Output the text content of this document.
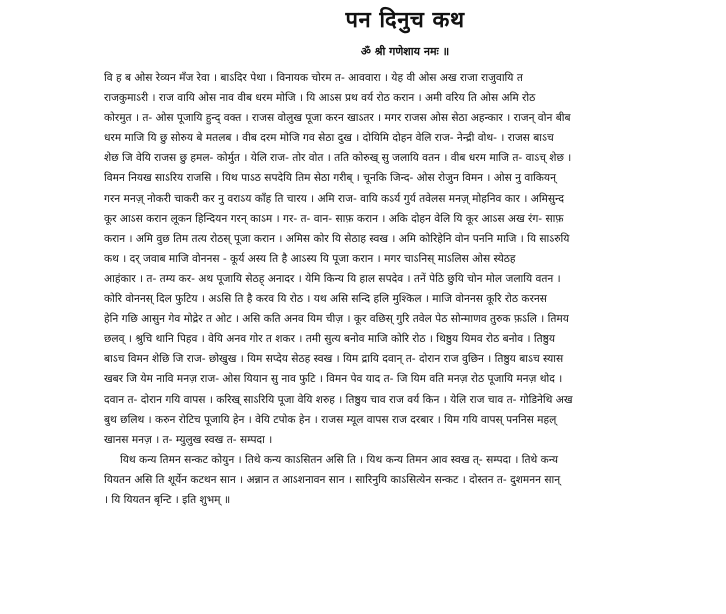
पन दिनुच कथ
ॐ श्री गणेशाय नमः ॥

वि ह ब ओस रेव्यन मँज रेवा । बाऽदिर पेथा । विनायक चोरम त- आववारा । येह वी ओस अख राजा राजुवायि त

राजकुमाऽरी । राज वायि ओस नाव वीब धरम मोजि । यि आऽस प्रथ वर्य रोठ करान । अमी वरिय ति ओस अमि रोठ

कोरमुत । त- ओस पूजायि हुन्द् वक्त । राजस वोलुख पूजा करन खाऽतर । मगर राजस ओस सेठा अहन्कार । राजन् वोन बीब

धरम माजि यि छु सोरुय बे मतलब । वीब दरम मोजि गव सेठा दुख । दोयिमि दोहन वेलि राज- नेन्द्री वोथ- । राजस बाऽच

शेछ जि वेयि राजस छु हमल- कोर्मुत । येलि राज- तोर वोत । तति कोरुख् सु जलायि वतन । वीब धरम माजि त- वाऽच् शेछ ।

विमन नियख साऽरिय राजसि । यिथ पाऽठ सपदेयि तिम सेठा गरीब् । चूनकि जिन्द- ओस रोजुन विमन । ओस नु वाकियन्

गरन मनज़् नोकरी चाकरी कर नु वराऽय काँह ति चारय । अमि राज- वायि कऽर्य गुर्य तवेलस मनज़् मोहनिव कार । अमिसुन्द

कूर आऽस करान लूकन हिन्दियन गरन् काऽम । गर- त- वान- साफ़ करान । अकि दोहन वेलि यि कूर आऽस अख रंग- साफ़

करान । अमि वुछ तिम तत्य रोठस् पूजा करान । अमिस कोर यि सेठाह स्वख । अमि कोरिहेनि वोन पननि माजि । यि साऽरुयि

कथ । दर् जवाब माजि वोननस - कूर्य अस्य ति है आऽस्य यि पूजा करान । मगर चाऽनिस् माऽलिस ओस स्येठह

आहंकार । त- तम्य कर- अथ पूजायि सेठह् अनादर । येमि किन्य यि हाल सपदेव । तनें पेठि छुयि चोन मोल जलायि वतन ।

कोरि वोननस् दिल फुटिय । अऽसि ति है करव यि रोठ । यथ असि सन्दि हलि मुश्किल । माजि वोननस कूरि रोठ करनस

हेनि गछि आसुन गेव मोद्रेर त ओट । असि कति अनव यिम चीज़ । कूर वछिस् गुरि तवेल पेठ सोन्माणव तुरुक फ़ऽलि । तिमय

छलव् । श्रुचि थानि पिहव । वेयि अनव गोर त शकर । तमी सुत्य बनोव माजि कोरि रोठ । थिष्ठुय यिमव रोठ बनोव । तिष्ठुय

बाऽच विमन शेछि जि राज- छोखुख । यिम सप्देय सेठह स्वख । यिम द्रायि दवान् त- दोरान राज वुछिन । तिष्ठुय बाऽच स्यास

खबर जि येम नावि मनज़ राज- ओस यियान सु नाव फुटि । विमन पेव याद त- जि यिम वति मनज़ रोठ पूजायि मनज़ थोद ।

दवान त- दोरान गयि वापस । करिख् साऽरियि पूजा वेयि शरुह । तिष्ठुय चाव राज वर्य किन । येलि राज चाव त- गोडिनेथि अख

बुथ छलिथ । करुन रोटिच पूजायि हेन । वेयि टपोक हेन । राजस म्यूल वापस राज दरबार । यिम गयि वापस् पननिस महल्

खानस मनज़ । त- म्युलुख स्वख त- सम्पदा ।

यिथ कन्य तिमन सन्कट कोयुन । तिथे कन्य काऽसितन असि ति । यिथ कन्य तिमन आव स्वख त्- सम्पदा । तिथे कन्य

यियतन असि ति शूर्येन कटथन सान । अन्नान त आऽशनावन सान । सारिनुयि काऽसित्येन सन्कट । दोस्तन त- दुशमनन सान्

। यि यियतन बृन्टि । इति शुभम् ॥
